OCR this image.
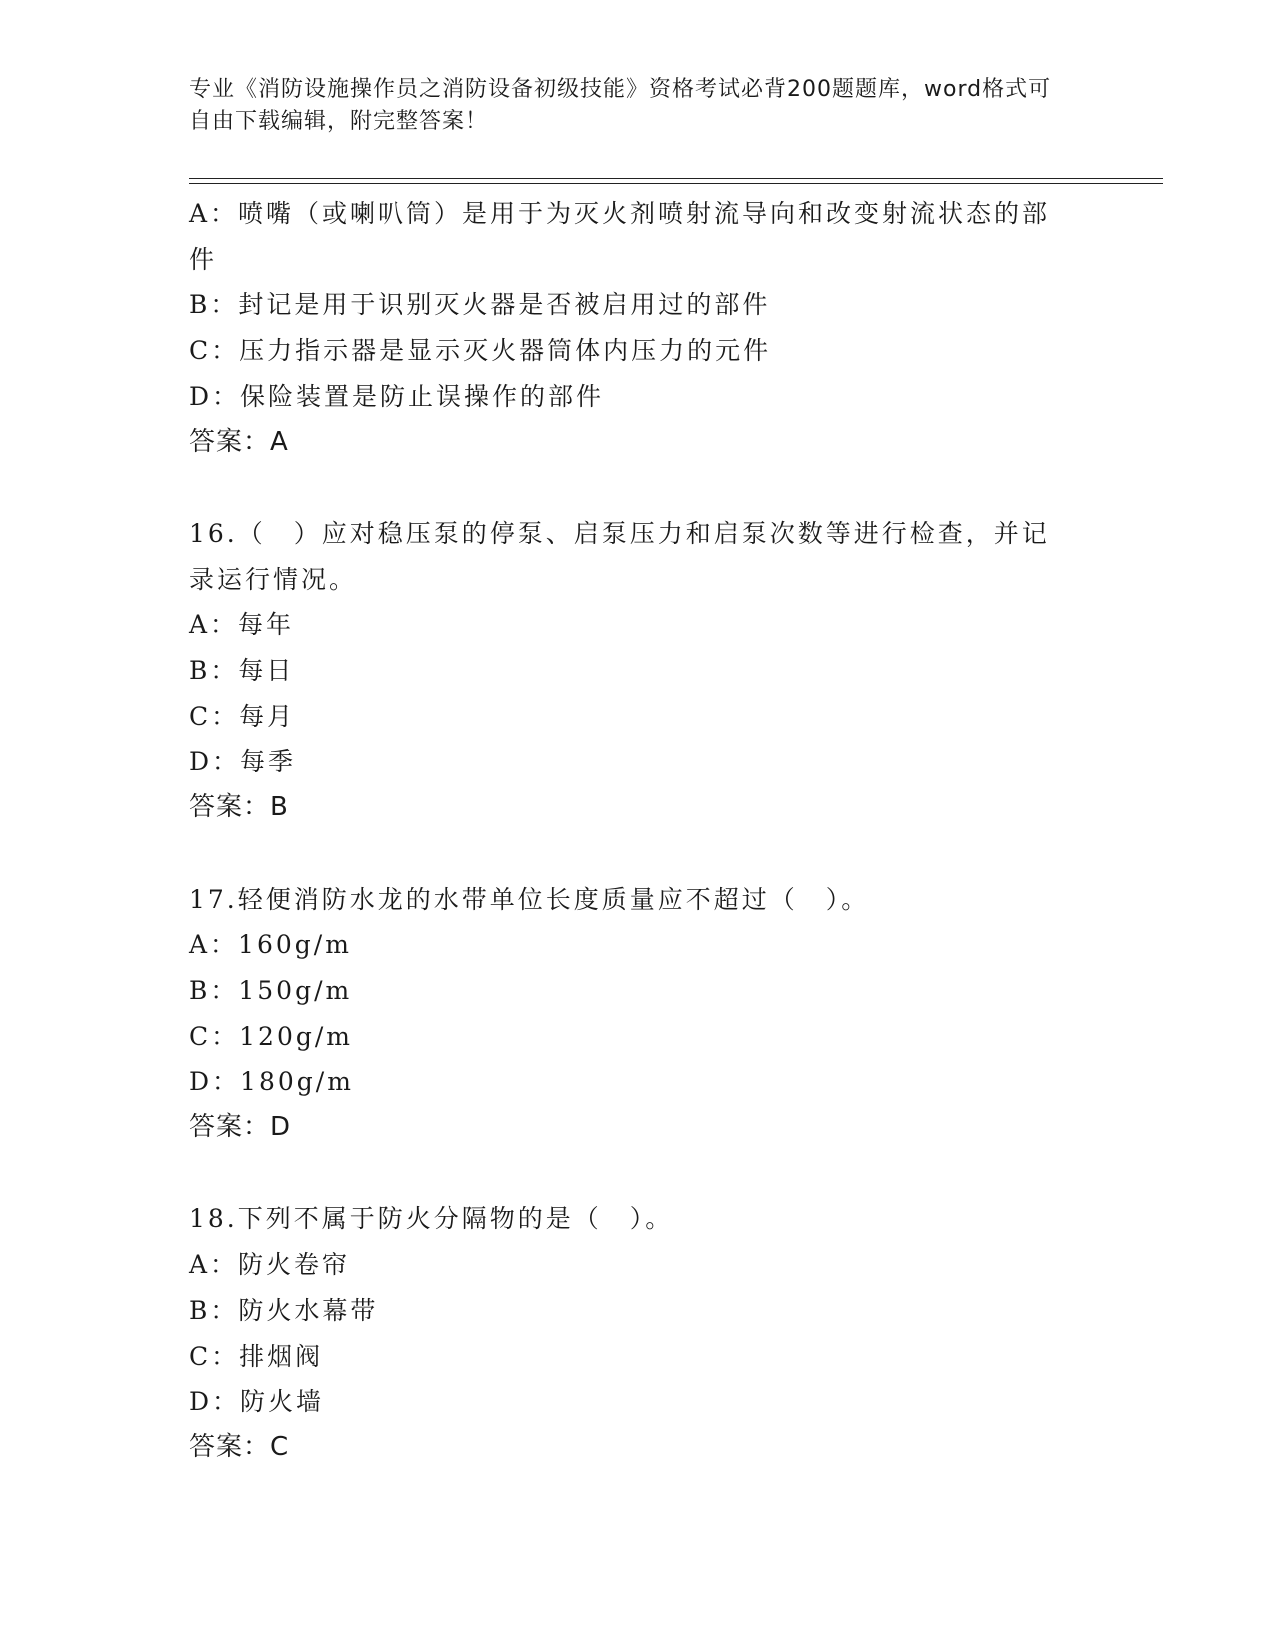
专业《消防设施操作员之消防设备初级技能》资格考试必背200题题库，word格式可自由下载编辑，附完整答案！
A：喷嘴（或喇叭筒）是用于为灭火剂喷射流导向和改变射流状态的部
件
B：封记是用于识别灭火器是否被启用过的部件
C：压力指示器是显示灭火器筒体内压力的元件
D：保险装置是防止误操作的部件
答案：A
16.（　）应对稳压泵的停泵、启泵压力和启泵次数等进行检查，并记
录运行情况。
A：每年
B：每日
C：每月
D：每季
答案：B
17.轻便消防水龙的水带单位长度质量应不超过（　）。
A：160g/m
B：150g/m
C：120g/m
D：180g/m
答案：D
18.下列不属于防火分隔物的是（　）。
A：防火卷帘
B：防火水幕带
C：排烟阀
D：防火墙
答案：C
